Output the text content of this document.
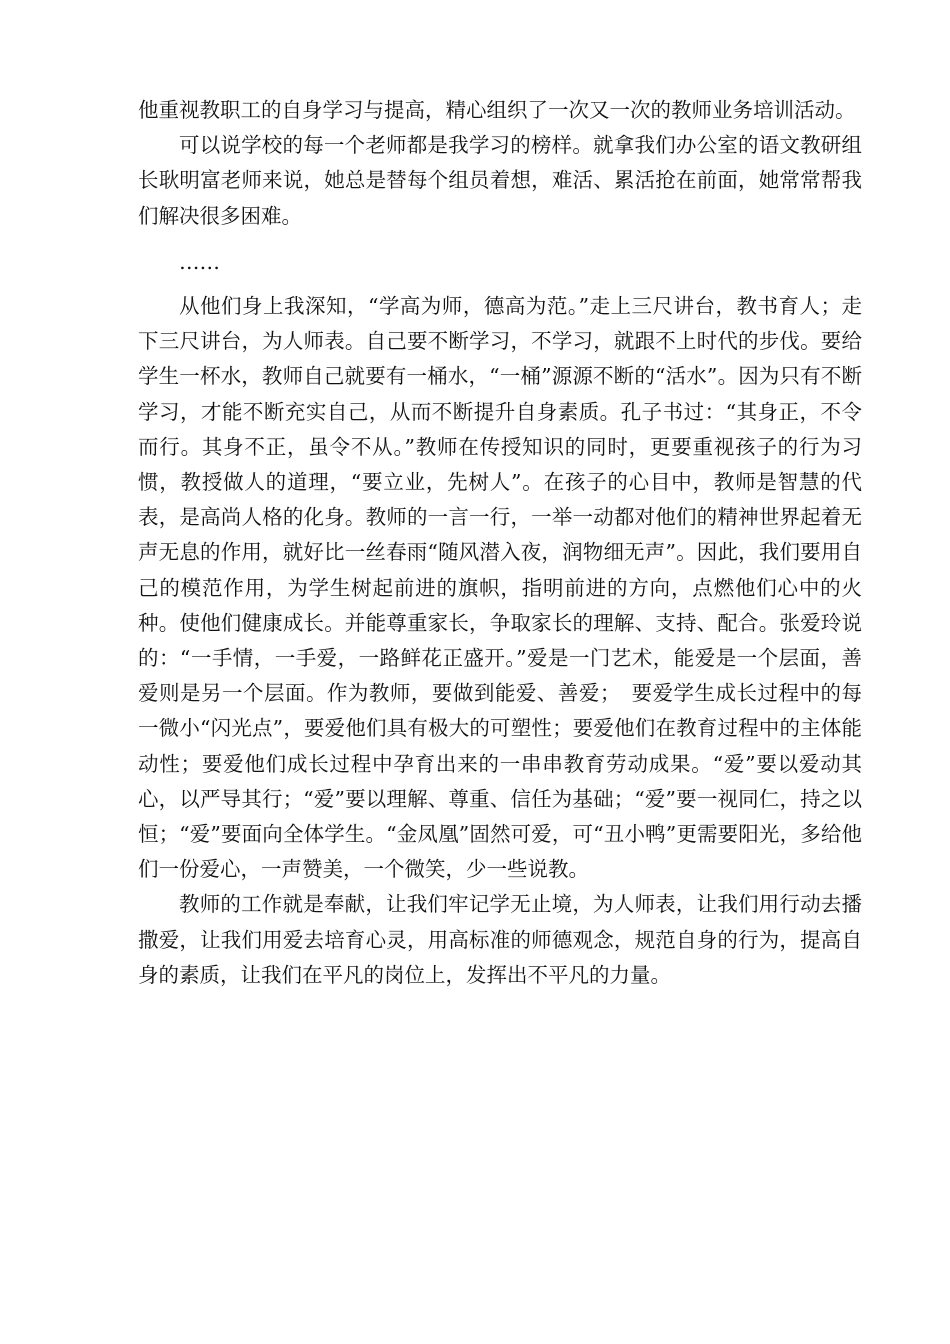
他重视教职工的自身学习与提高，精心组织了一次又一次的教师业务培训活动。

可以说学校的每一个老师都是我学习的榜样。就拿我们办公室的语文教研组长耿明富老师来说，她总是替每个组员着想，难活、累活抢在前面，她常常帮我们解决很多困难。

……

从他们身上我深知，“学高为师，德高为范。”走上三尺讲台，教书育人；走下三尺讲台，为人师表。自己要不断学习，不学习，就跟不上时代的步伐。要给学生一杯水，教师自己就要有一桶水，“一桶”源源不断的“活水”。因为只有不断学习，才能不断充实自己，从而不断提升自身素质。孔子书过：“其身正，不令而行。其身不正，虽令不从。”教师在传授知识的同时，更要重视孩子的行为习惯，教授做人的道理，“要立业，先树人”。在孩子的心目中，教师是智慧的代表，是高尚人格的化身。教师的一言一行，一举一动都对他们的精神世界起着无声无息的作用，就好比一丝春雨“随风潜入夜，润物细无声”。因此，我们要用自己的模范作用，为学生树起前进的旗帜，指明前进的方向，点燃他们心中的火种。使他们健康成长。并能尊重家长，争取家长的理解、支持、配合。张爱玲说的：“一手情，一手爱，一路鲜花正盛开。”爱是一门艺术，能爱是一个层面，善爱则是另一个层面。作为教师，要做到能爱、善爱；　要爱学生成长过程中的每一微小“闪光点”，要爱他们具有极大的可塑性；要爱他们在教育过程中的主体能动性；要爱他们成长过程中孕育出来的一串串教育劳动成果。“爱”要以爱动其心，以严导其行；“爱”要以理解、尊重、信任为基础；“爱”要一视同仁，持之以恒；“爱”要面向全体学生。“金凤凰”固然可爱，可“丑小鸭”更需要阳光，多给他们一份爱心，一声赞美，一个微笑，少一些说教。

教师的工作就是奉献，让我们牢记学无止境，为人师表，让我们用行动去播撒爱，让我们用爱去培育心灵，用高标准的师德观念，规范自身的行为，提高自身的素质，让我们在平凡的岗位上，发挥出不平凡的力量。
